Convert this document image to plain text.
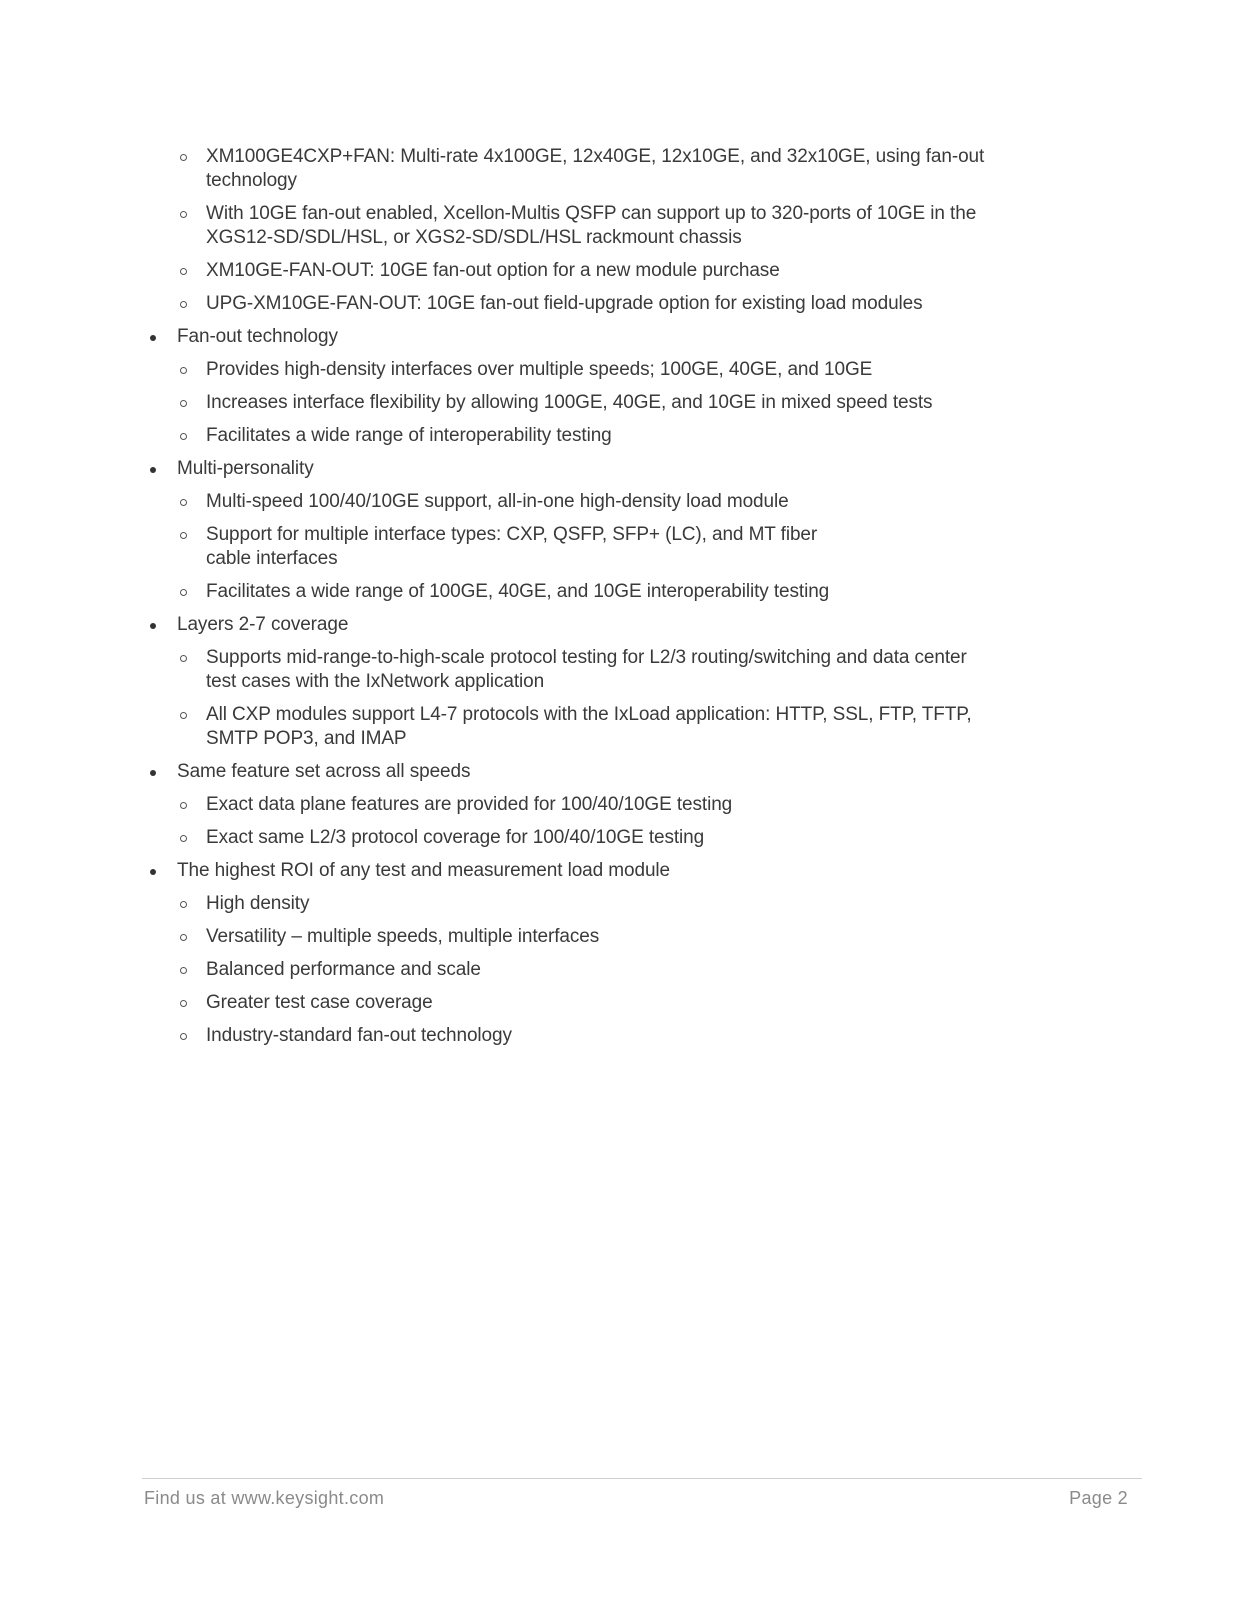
XM100GE4CXP+FAN: Multi-rate 4x100GE, 12x40GE, 12x10GE, and 32x10GE, using fan-out technology
With 10GE fan-out enabled, Xcellon-Multis QSFP can support up to 320-ports of 10GE in the XGS12-SD/SDL/HSL, or XGS2-SD/SDL/HSL rackmount chassis
XM10GE-FAN-OUT: 10GE fan-out option for a new module purchase
UPG-XM10GE-FAN-OUT: 10GE fan-out field-upgrade option for existing load modules
Fan-out technology
Provides high-density interfaces over multiple speeds; 100GE, 40GE, and 10GE
Increases interface flexibility by allowing 100GE, 40GE, and 10GE in mixed speed tests
Facilitates a wide range of interoperability testing
Multi-personality
Multi-speed 100/40/10GE support, all-in-one high-density load module
Support for multiple interface types: CXP, QSFP, SFP+ (LC), and MT fiber cable interfaces
Facilitates a wide range of 100GE, 40GE, and 10GE interoperability testing
Layers 2-7 coverage
Supports mid-range-to-high-scale protocol testing for L2/3 routing/switching and data center test cases with the IxNetwork application
All CXP modules support L4-7 protocols with the IxLoad application: HTTP, SSL, FTP, TFTP, SMTP POP3, and IMAP
Same feature set across all speeds
Exact data plane features are provided for 100/40/10GE testing
Exact same L2/3 protocol coverage for 100/40/10GE testing
The highest ROI of any test and measurement load module
High density
Versatility – multiple speeds, multiple interfaces
Balanced performance and scale
Greater test case coverage
Industry-standard fan-out technology
Find us at www.keysight.com	Page 2
